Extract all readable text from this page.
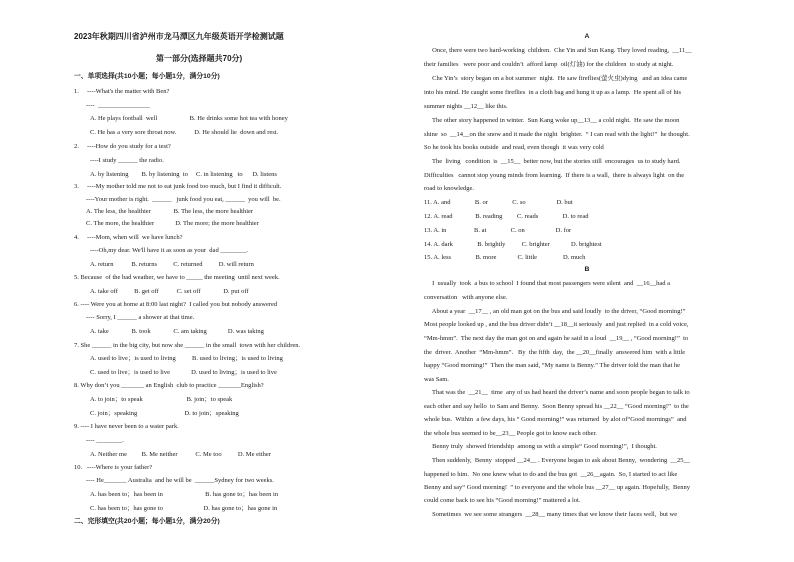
2023年秋期四川省泸州市龙马潭区九年级英语开学检测试题
第一部分(选择题共70分)
一、单项选择(共10小题；每小题1分，满分10分)
1.     ----What's the matter with Ben?
----  ________________
A. He plays football  well                    B. He drinks some hot tea with honey
C. He has a very sore throat now.           D. He should lie  down and rest.
2.     ----How do you study for a test?
----I study ______ the radio.
A. by listening        B. by listening  to     C. in listening   to      D. listens
3.     ----My mother told me not to eat junk food too much, but I find it difficult.
----Your mother is right.  ______   junk food you eat, ______  you will  be.
A. The less, the healthier              B. The less, the more healthier
C. The more, the healthier             D. The more; the more healthier
4.     ----Mom, when will  we have lunch?
----Oh,my dear. We'll have it as soon as your  dad ________.
A. return           B. returns          C. returned          D. will return
5. Because  of the bad weather, we have to _____ the meeting  until next week.
A. take off          B. get off           C. set off              D. put off
6. ---- Were you at home at 8:00 last night?  I called you but nobody answered
---- Sorry, I ______ a shower at that time.
A. take              B. took              C. am taking             D. was taking
7. She ______ in the big city, but now she ______ in the small  town with her children.
A. used to live；is used to living          B. used to living；is used to living
C. used to live；is used to live             D. used to living；is used to live
8. Why don’t you _______ an English  club to practice _______English?
A. to join；to speak                           B. join；to speak
C. join；speaking                             D. to join；speaking
9. ---- I have never been to a water park.
---- ________.
A. Neither me         B. Me neither           C. Me too          D. Me either
10.   ----Where is your father?
---- He_______ Australia  and he will be  ______Sydney for two weeks.
A. has been to；has been in                          B. has gone to；has been in
C. has been to；has gone to                         D. has gone to；has gone in
二、完形填空(共20小题；每小题1分，满分20分)
A
Once, there were two hard-working  children.  Che Yin and Sun Kang. They loved reading,  __11__
their families   were poor and couldn’t  afford lamp  oil(灯油) for the children  to study at night.
Che Yin’s  story began on a hot summer  night.  He saw fireflies(萤火虫)dying   and an idea came
into his mind. He caught some fireflies  in a cloth bag and hung it up as a lamp.  He spent all of his
summer nights __12__ like this.
The other story happened in winter.  Sun Kang woke up__13__ a cold night.  He saw the moon
shine  so  __14__on the snow and it made the night  brighter.  “ I can read with the light!”  he thought.
So he took his books outside  and read, even though  it was very cold
The  living   condition  is  __15__  better now, but the stories still  encourages  us to study hard.
Difficulties   cannot stop young minds from learning.  If there is a wall,  there is always light  on the
road to knowledge.
11. A. and               B. or               C. so                   D. but
12. A. read              B. reading         C. reads               D. to read
13. A. in                 B. at               C. on                   D. for
14. A. dark               B. brightly          C. brighter             D. brightest
15. A. less               B. more             C. little                D. much
B
I  usually  took  a bus to school  I found that most passengers were silent  and  __16__had a
conversation   with anyone else.
About a year  __17__ , an old man got on the bus and said loudly  to the driver, “Good morning!”
Most people looked up , and the bus driver didn’t __18__it seriously  and just replied  in a cold voice,
“Mm-hmm”.  The next day the man got on and again he said in a loud  __19__ , “Good morning!”  to
the  driver.  Another  “Mm-hmm”.   By  the fifth  day,  the __20__finally  answered him  with a little
happy “Good morning!”  Then the man said, “My name is Benny.” The driver told the man that he
was Sam.
That was the  __21__  time  any of us had heard the driver’s name and soon people began to talk to
each other and say hello  to Sam and Benny.  Soon Benny spread his __22__ “Good morning!”  to the
whole bus.  Within  a few days, his “ Good morning!” was returned  by alot of“Good mornings”  and
the whole bus seemed to be__23__ People got to know each other.
Benny truly  showed friendship  among us with a simple“ Good morning!”,  I thought.
Then suddenly,  Benny  stopped __24__ . Everyone began to ask about Benny,  wondering  __25__
happened to him.  No one knew what to do and the bus got  __26__again.  So, I started to act like
Benny and say“ Good morning!  ” to everyone and the whole bus __27__ up again. Hopefully,  Benny
could come back to see his “Good morning!” mattered a lot.
Sometimes  we see some strangers  __28__ many times that we know their faces well,  but we
